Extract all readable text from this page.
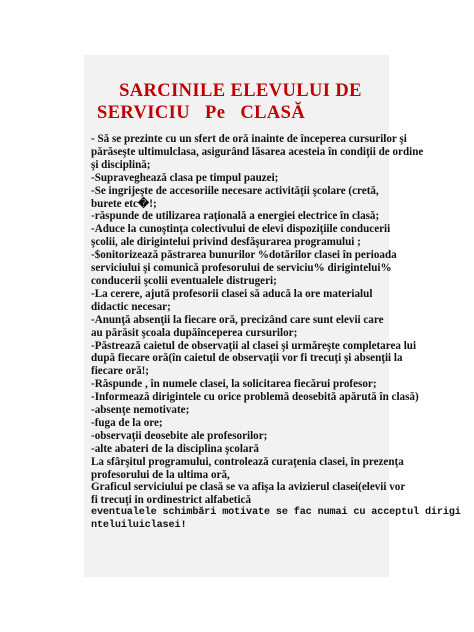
SARCINILE ELEVULUI DE
SERVICIU Pe CLASĂ

- Să se prezinte cu un sfert de oră inainte de începerea cursurilor şi

părăseşte ultimulclasa, asigurând lăsarea acesteia în condiţii de ordine

şi disciplină;

-Supraveghează clasa pe timpul pauzei;

-Se ingrijeşte de accesoriile necesare activităţii şcolare (cretă,

burete etc�!;

-răspunde de utilizarea raţională a energiei electrice în clasă;

-Aduce la cunoştinţa colectivului de elevi dispoziţiile conducerii

şcolii, ale dirigintelui privind desfăşurarea programului ;

-$onitorizează păstrarea bunurilor %dotărilor clasei în perioada

serviciului şi comunică profesorului de serviciu% dirigintelui%

conducerii şcolii eventualele distrugeri;

-La cerere, ajută profesorii clasei să aducă la ore materialul

didactic necesar;

-Anunţă absenţii la fiecare oră, precizând care sunt elevii care

au părăsit şcoala dupăînceperea cursurilor;

-Păstrează caietul de observaţii al clasei şi urmăreşte completarea lui

după fiecare oră(în caietul de observaţii vor fi trecuţi şi absenţii la

fiecare oră!;

-Răspunde , în numele clasei, la solicitarea fiecărui profesor;

-Informează dirigintele cu orice problemă deosebită apărută în clasă)

-absenţe nemotivate;

-fuga de la ore;

-observaţii deosebite ale profesorilor;

-alte abateri de la disciplina şcolară

La sfârşitul programului, controlează curaţenia clasei, în prezenţa

profesorului de la ultima oră,

Graficul serviciului pe clasă se va afişa la avizierul clasei(elevii vor

fi trecuţi in ordinestrict alfabetică

eventualele schimbări motivate se fac numai cu acceptul dirigi

nteluiluiclasei!
